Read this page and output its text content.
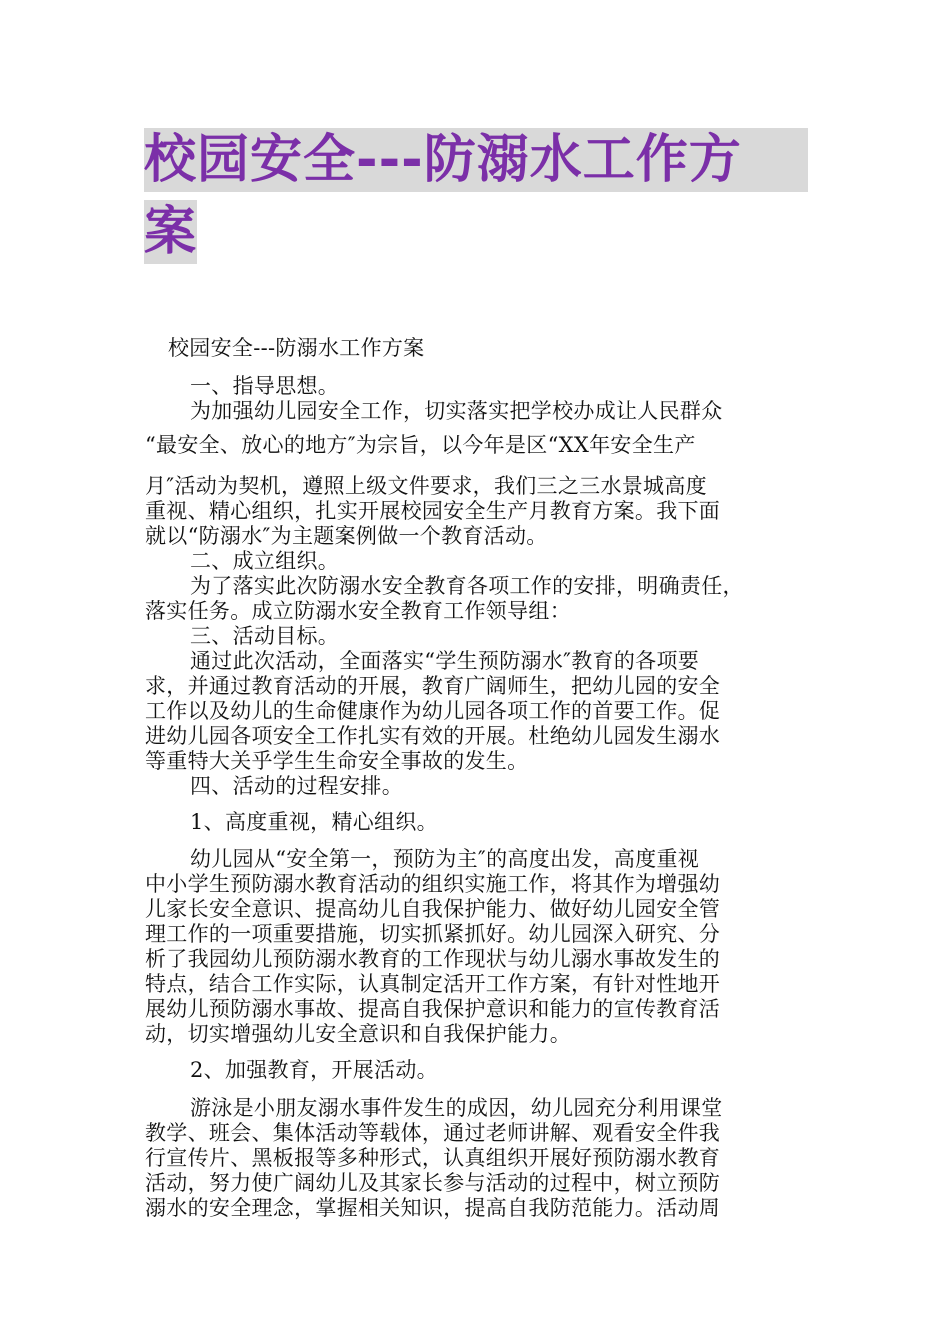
校园安全---防溺水工作方
案
校园安全---防溺水工作方案
一、指导思想。
为加强幼儿园安全工作，切实落实把学校办成让人民群众
“最安全、放心的地方″为宗旨，以今年是区“XX年安全生产
月″活动为契机，遵照上级文件要求，我们三之三水景城高度
重视、精心组织，扎实开展校园安全生产月教育方案。我下面
就以“防溺水″为主题案例做一个教育活动。
二、成立组织。
为了落实此次防溺水安全教育各项工作的安排，明确责任，
落实任务。成立防溺水安全教育工作领导组：
三、活动目标。
通过此次活动，全面落实“学生预防溺水″教育的各项要
求，并通过教育活动的开展，教育广阔师生，把幼儿园的安全
工作以及幼儿的生命健康作为幼儿园各项工作的首要工作。促
进幼儿园各项安全工作扎实有效的开展。杜绝幼儿园发生溺水
等重特大关乎学生生命安全事故的发生。
四、活动的过程安排。
1、高度重视，精心组织。
幼儿园从“安全第一，预防为主″的高度出发，高度重视
中小学生预防溺水教育活动的组织实施工作，将其作为增强幼
儿家长安全意识、提高幼儿自我保护能力、做好幼儿园安全管
理工作的一项重要措施，切实抓紧抓好。幼儿园深入研究、分
析了我园幼儿预防溺水教育的工作现状与幼儿溺水事故发生的
特点，结合工作实际，认真制定活开工作方案，有针对性地开
展幼儿预防溺水事故、提高自我保护意识和能力的宣传教育活
动，切实增强幼儿安全意识和自我保护能力。
2、加强教育，开展活动。
游泳是小朋友溺水事件发生的成因，幼儿园充分利用课堂
教学、班会、集体活动等载体，通过老师讲解、观看安全件我
行宣传片、黑板报等多种形式，认真组织开展好预防溺水教育
活动，努力使广阔幼儿及其家长参与活动的过程中，树立预防
溺水的安全理念，掌握相关知识，提高自我防范能力。活动周
